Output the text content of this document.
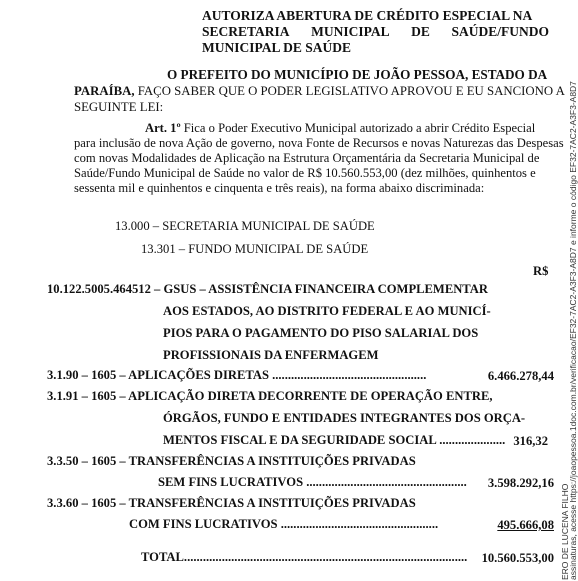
AUTORIZA ABERTURA DE CRÉDITO ESPECIAL NA
SECRETARIA MUNICIPAL DE SAÚDE/FUNDO
MUNICIPAL DE SAÚDE
O PREFEITO DO MUNICÍPIO DE JOÃO PESSOA, ESTADO DA
PARAÍBA, FAÇO SABER QUE O PODER LEGISLATIVO APROVOU E EU SANCIONO A
SEGUINTE LEI:
Art. 1º Fica o Poder Executivo Municipal autorizado a abrir Crédito Especial
para inclusão de nova Ação de governo, nova Fonte de Recursos e novas Naturezas das Despesas
com novas Modalidades de Aplicação na Estrutura Orçamentária da Secretaria Municipal de
Saúde/Fundo Municipal de Saúde no valor de R$ 10.560.553,00 (dez milhões, quinhentos e
sessenta mil e quinhentos e cinquenta e três reais), na forma abaixo discriminada:
13.000 – SECRETARIA MUNICIPAL DE SAÚDE
13.301 – FUNDO MUNICIPAL DE SAÚDE
R$
10.122.5005.464512 – GSUS – ASSISTÊNCIA FINANCEIRA COMPLEMENTAR
AOS ESTADOS, AO DISTRITO FEDERAL E AO MUNICÍ-
PIOS PARA O PAGAMENTO DO PISO SALARIAL DOS
PROFISSIONAIS DA ENFERMAGEM
3.1.90 – 1605 – APLICAÇÕES DIRETAS .................................................	6.466.278,44
3.1.91 – 1605 – APLICAÇÃO DIRETA DECORRENTE DE OPERAÇÃO ENTRE,
ÓRGÃOS, FUNDO E ENTIDADES INTEGRANTES DOS ORÇA-
MENTOS FISCAL E DA SEGURIDADE SOCIAL ..................... 316,32
3.3.50 – 1605 – TRANSFERÊNCIAS A INSTITUIÇÕES PRIVADAS
SEM FINS LUCRATIVOS ................................................... 3.598.292,16
3.3.60 – 1605 – TRANSFERÊNCIAS A INSTITUIÇÕES PRIVADAS
COM FINS LUCRATIVOS ..................................................	495.666,08
TOTAL.......................................................................................... 10.560.553,00 ERO DE LUCENA FILHO
assinaturas, acesse https://joaopessoa.1doc.com.br/verificacao/EF32-7AC2-A3F3-A8D7 e informe o código EF32-7AC2-A3F3-A8D7
